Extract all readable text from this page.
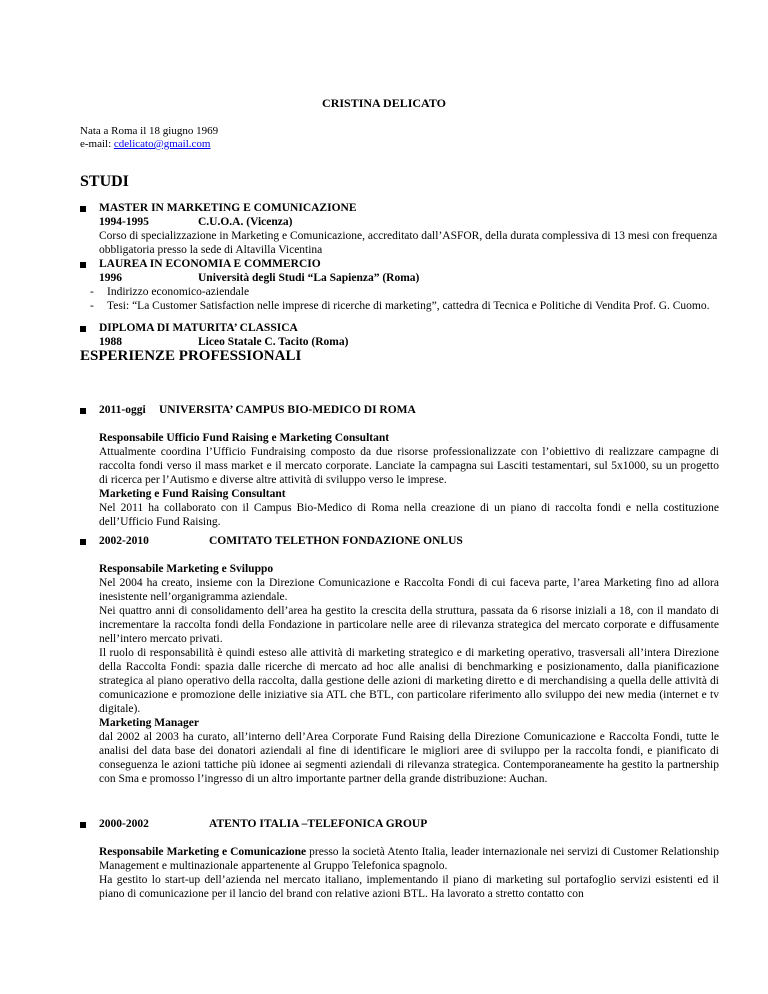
CRISTINA DELICATO
Nata a Roma il 18 giugno 1969
e-mail: cdelicato@gmail.com
STUDI
MASTER IN MARKETING E COMUNICAZIONE
1994-1995	C.U.O.A. (Vicenza)
Corso di specializzazione in Marketing e Comunicazione, accreditato dall’ASFOR, della durata complessiva di 13 mesi con frequenza obbligatoria presso la sede di Altavilla Vicentina
LAUREA IN ECONOMIA E COMMERCIO
1996	Università degli Studi “La Sapienza” (Roma)
-	Indirizzo economico-aziendale
-	Tesi: “La Customer Satisfaction nelle imprese di ricerche di marketing”, cattedra di Tecnica e Politiche di Vendita Prof. G. Cuomo.
DIPLOMA DI MATURITA’ CLASSICA
1988	Liceo Statale C. Tacito (Roma)
ESPERIENZE PROFESSIONALI
2011-oggi	UNIVERSITA’ CAMPUS BIO-MEDICO DI ROMA
Responsabile Ufficio Fund Raising e Marketing Consultant
Attualmente coordina l’Ufficio Fundraising composto da due risorse professionalizzate con l’obiettivo di realizzare campagne di raccolta fondi verso il mass market e il mercato corporate. Lanciate la campagna sui Lasciti testamentari, sul 5x1000, su un progetto di ricerca per l’Autismo e diverse altre attività di sviluppo verso le imprese.
Marketing e Fund Raising Consultant
Nel 2011 ha collaborato con il Campus Bio-Medico di Roma nella creazione di un piano di raccolta fondi e nella costituzione dell’Ufficio Fund Raising.
2002-2010	COMITATO TELETHON FONDAZIONE ONLUS
Responsabile Marketing e Sviluppo
Nel 2004 ha creato, insieme con la Direzione Comunicazione e Raccolta Fondi di cui faceva parte, l’area Marketing fino ad allora inesistente nell’organigramma aziendale.
Nei quattro anni di consolidamento dell’area ha gestito la crescita della struttura, passata da 6 risorse iniziali a 18, con il mandato di incrementare la raccolta fondi della Fondazione in particolare nelle aree di rilevanza strategica del mercato corporate e diffusamente nell’intero mercato privati.
Il ruolo di responsabilità è quindi esteso alle attività di marketing strategico e di marketing operativo, trasversali all’intera Direzione della Raccolta Fondi: spazia dalle ricerche di mercato ad hoc alle analisi di benchmarking e posizionamento, dalla pianificazione strategica al piano operativo della raccolta, dalla gestione delle azioni di marketing diretto e di merchandising a quella delle attività di comunicazione e promozione delle iniziative sia ATL che BTL, con particolare riferimento allo sviluppo dei new media (internet e tv digitale).
Marketing Manager
dal 2002 al 2003 ha curato, all’interno dell’Area Corporate Fund Raising della Direzione Comunicazione e Raccolta Fondi, tutte le analisi del data base dei donatori aziendali al fine di identificare le migliori aree di sviluppo per la raccolta fondi, e pianificato di conseguenza le azioni tattiche più idonee ai segmenti aziendali di rilevanza strategica. Contemporaneamente ha gestito la partnership con Sma e promosso l’ingresso di un altro importante partner della grande distribuzione: Auchan.
2000-2002	ATENTO ITALIA –TELEFONICA GROUP
Responsabile Marketing e Comunicazione presso la società Atento Italia, leader internazionale nei servizi di Customer Relationship Management e multinazionale appartenente al Gruppo Telefonica spagnolo.
Ha gestito lo start-up dell’azienda nel mercato italiano, implementando il piano di marketing sul portafoglio servizi esistenti ed il piano di comunicazione per il lancio del brand con relative azioni BTL. Ha lavorato a stretto contatto con
